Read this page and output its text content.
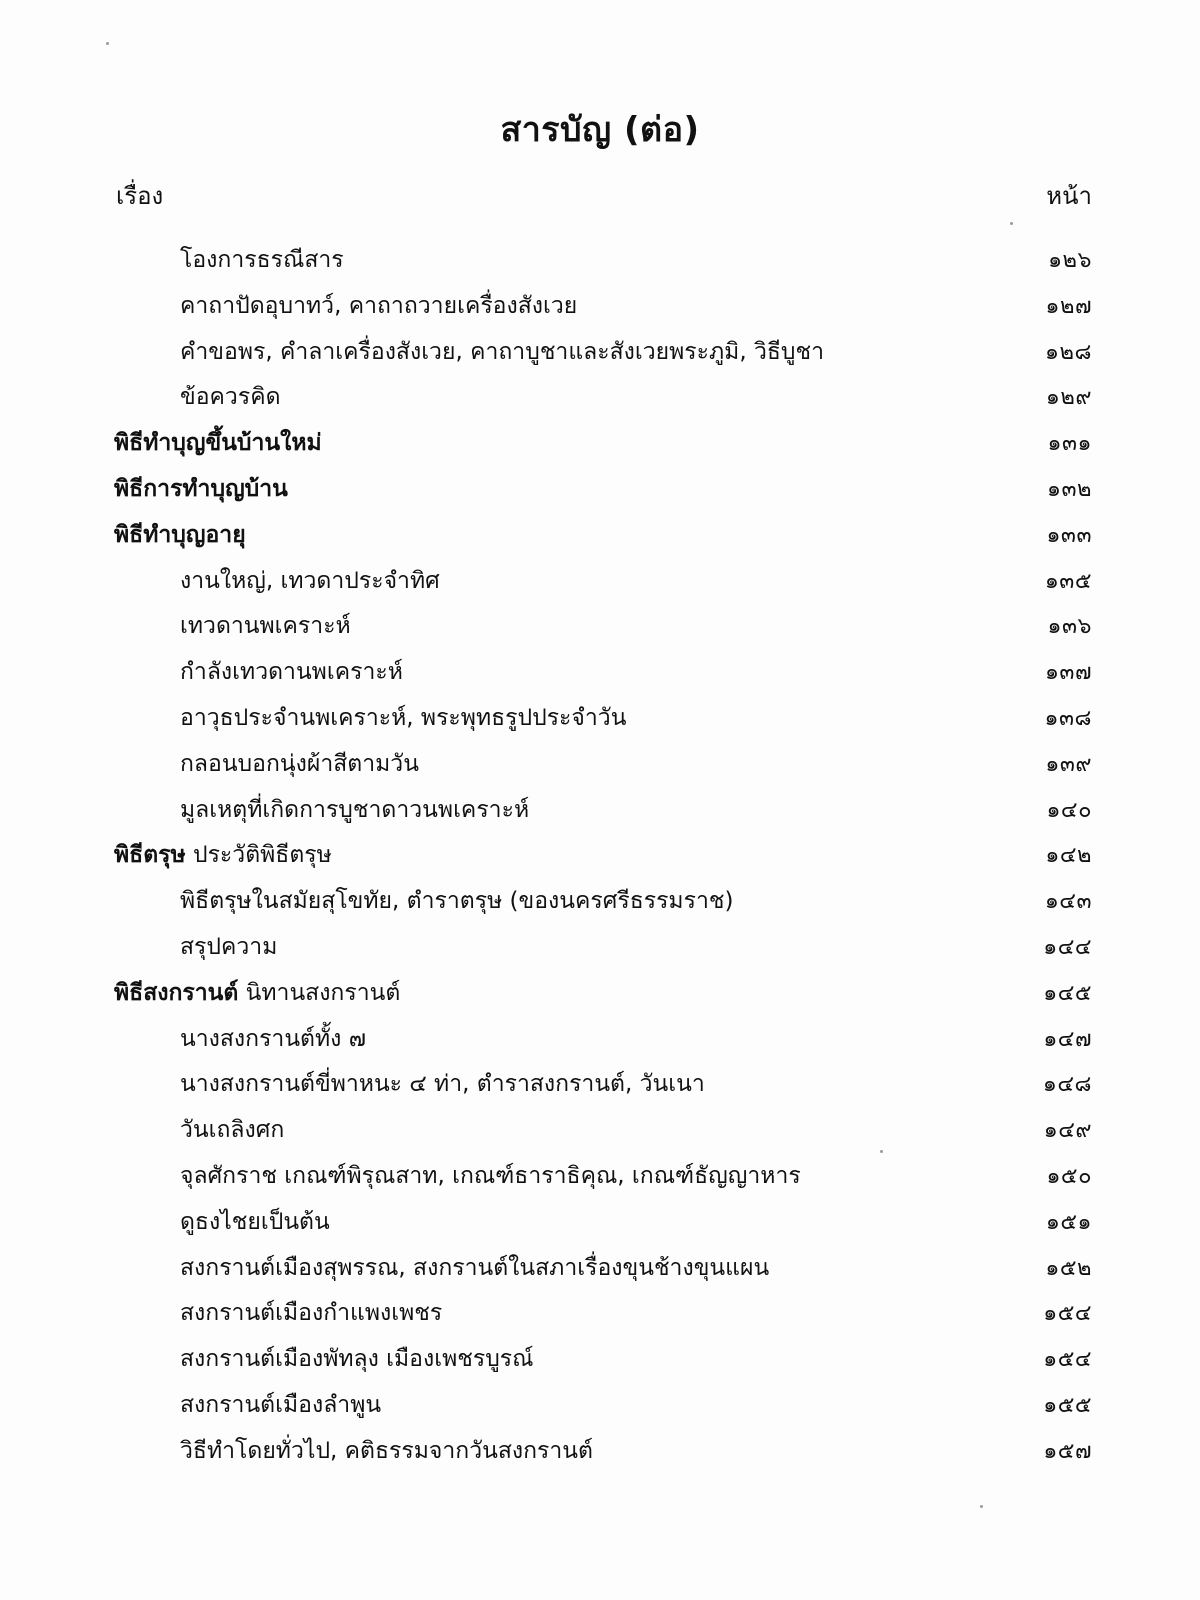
สารบัญ (ต่อ)
เรื่อง	หน้า
โองการธรณีสาร	๑๒๖
คาถาปัดอุบาทว์, คาถาถวายเครื่องสังเวย	๑๒๗
คำขอพร, คำลาเครื่องสังเวย, คาถาบูชาและสังเวยพระภูมิ, วิธีบูชา	๑๒๘
ข้อควรคิด	๑๒๙
พิธีทำบุญขึ้นบ้านใหม่	๑๓๑
พิธีการทำบุญบ้าน	๑๓๒
พิธีทำบุญอายุ	๑๓๓
งานใหญ่, เทวดาประจำทิศ	๑๓๕
เทวดานพเคราะห์	๑๓๖
กำลังเทวดานพเคราะห์	๑๓๗
อาวุธประจำนพเคราะห์, พระพุทธรูปประจำวัน	๑๓๘
กลอนบอกนุ่งผ้าสีตามวัน	๑๓๙
มูลเหตุที่เกิดการบูชาดาวนพเคราะห์	๑๔๐
พิธีตรุษ ประวัติพิธีตรุษ	๑๔๒
พิธีตรุษในสมัยสุโขทัย, ตำราตรุษ (ของนครศรีธรรมราช)	๑๔๓
สรุปความ	๑๔๔
พิธีสงกรานต์ นิทานสงกรานต์	๑๔๕
นางสงกรานต์ทั้ง ๗	๑๔๗
นางสงกรานต์ขี่พาหนะ ๔ ท่า, ตำราสงกรานต์, วันเนา	๑๔๘
วันเถลิงศก	๑๔๙
จุลศักราช เกณฑ์พิรุณสาท, เกณฑ์ธาราธิคุณ, เกณฑ์ธัญญาหาร	๑๕๐
ดูธงไชยเป็นต้น	๑๕๑
สงกรานต์เมืองสุพรรณ, สงกรานต์ในสภาเรื่องขุนช้างขุนแผน	๑๕๒
สงกรานต์เมืองกำแพงเพชร	๑๕๔
สงกรานต์เมืองพัทลุง เมืองเพชรบูรณ์	๑๕๔
สงกรานต์เมืองลำพูน	๑๕๕
วิธีทำโดยทั่วไป, คติธรรมจากวันสงกรานต์	๑๕๗
